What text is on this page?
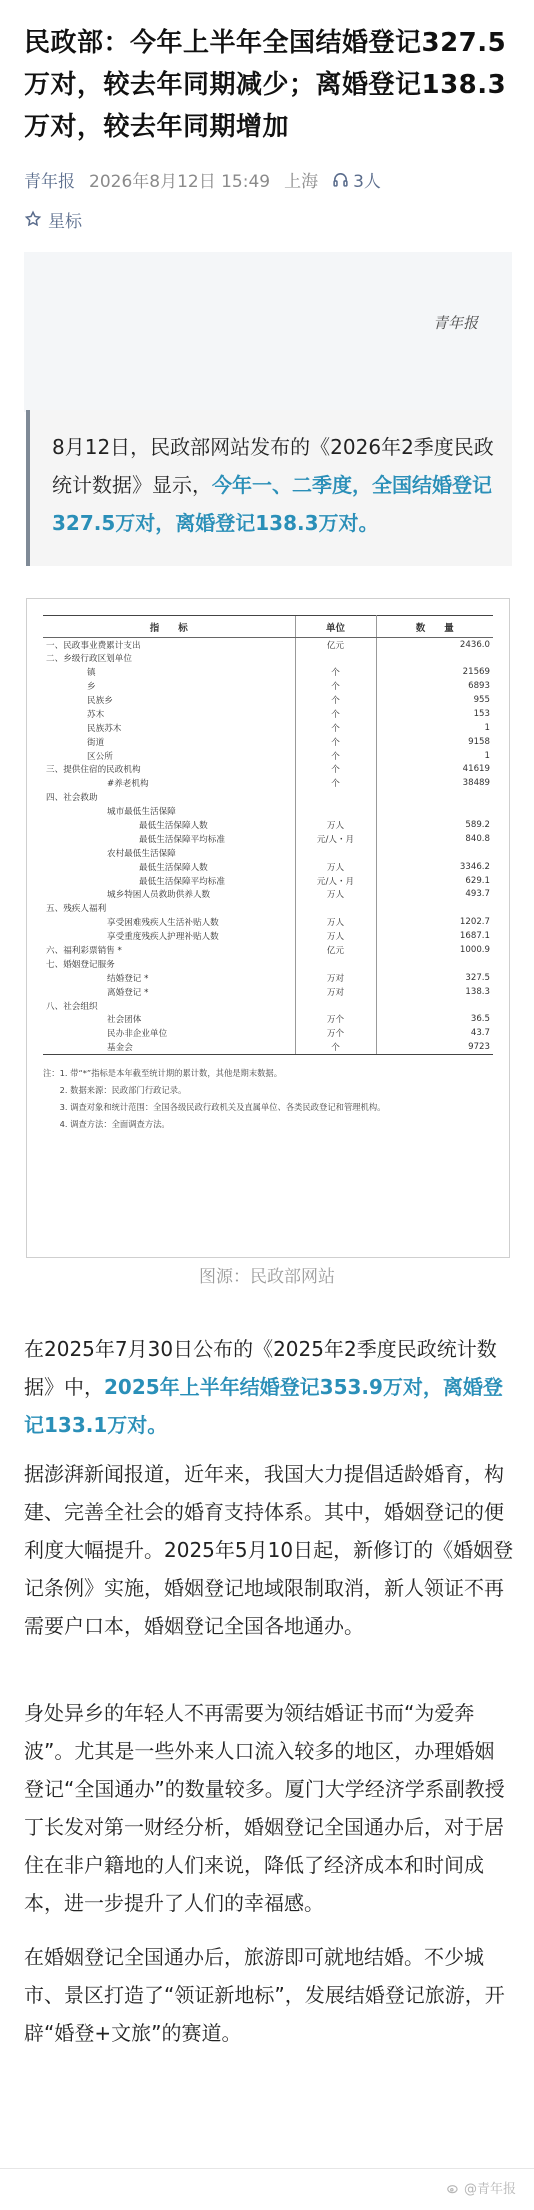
民政部：今年上半年全国结婚登记327.5万对，较去年同期减少；离婚登记138.3万对，较去年同期增加
青年报 2026年8月12日 15:49 上海 3人
星标
青年报
8月12日，民政部网站发布的《2026年2季度民政统计数据》显示，今年一、二季度，全国结婚登记327.5万对，离婚登记138.3万对。
指　　标	单位	数　　量
一、民政事业费累计支出	亿元	2436.0
二、乡级行政区划单位		
镇	个	21569
乡	个	6893
民族乡	个	955
苏木	个	153
民族苏木	个	1
街道	个	9158
区公所	个	1
三、提供住宿的民政机构	个	41619
#养老机构	个	38489
四、社会救助		
城市最低生活保障		
最低生活保障人数	万人	589.2
最低生活保障平均标准	元/人・月	840.8
农村最低生活保障		
最低生活保障人数	万人	3346.2
最低生活保障平均标准	元/人・月	629.1
城乡特困人员救助供养人数	万人	493.7
五、残疾人福利		
享受困难残疾人生活补贴人数	万人	1202.7
享受重度残疾人护理补贴人数	万人	1687.1
六、福利彩票销售 *	亿元	1000.9
七、婚姻登记服务		
结婚登记 *	万对	327.5
离婚登记 *	万对	138.3
八、社会组织		
社会团体	万个	36.5
民办非企业单位	万个	43.7
基金会	个	9723
注：1. 带“*”指标是本年截至统计期的累计数，其他是期末数据。
　　2. 数据来源：民政部门行政记录。
　　3. 调查对象和统计范围：全国各级民政行政机关及直属单位、各类民政登记和管理机构。
　　4. 调查方法：全面调查方法。
图源：民政部网站

在2025年7月30日公布的《2025年2季度民政统计数据》中，2025年上半年结婚登记353.9万对，离婚登记133.1万对。

据澎湃新闻报道，近年来，我国大力提倡适龄婚育，构建、完善全社会的婚育支持体系。其中，婚姻登记的便利度大幅提升。2025年5月10日起，新修订的《婚姻登记条例》实施，婚姻登记地域限制取消，新人领证不再需要户口本，婚姻登记全国各地通办。

身处异乡的年轻人不再需要为领结婚证书而“为爱奔波”。尤其是一些外来人口流入较多的地区，办理婚姻登记“全国通办”的数量较多。厦门大学经济学系副教授丁长发对第一财经分析，婚姻登记全国通办后，对于居住在非户籍地的人们来说，降低了经济成本和时间成本，进一步提升了人们的幸福感。

在婚姻登记全国通办后，旅游即可就地结婚。不少城市、景区打造了“领证新地标”，发展结婚登记旅游，开辟“婚登+文旅”的赛道。

@青年报
